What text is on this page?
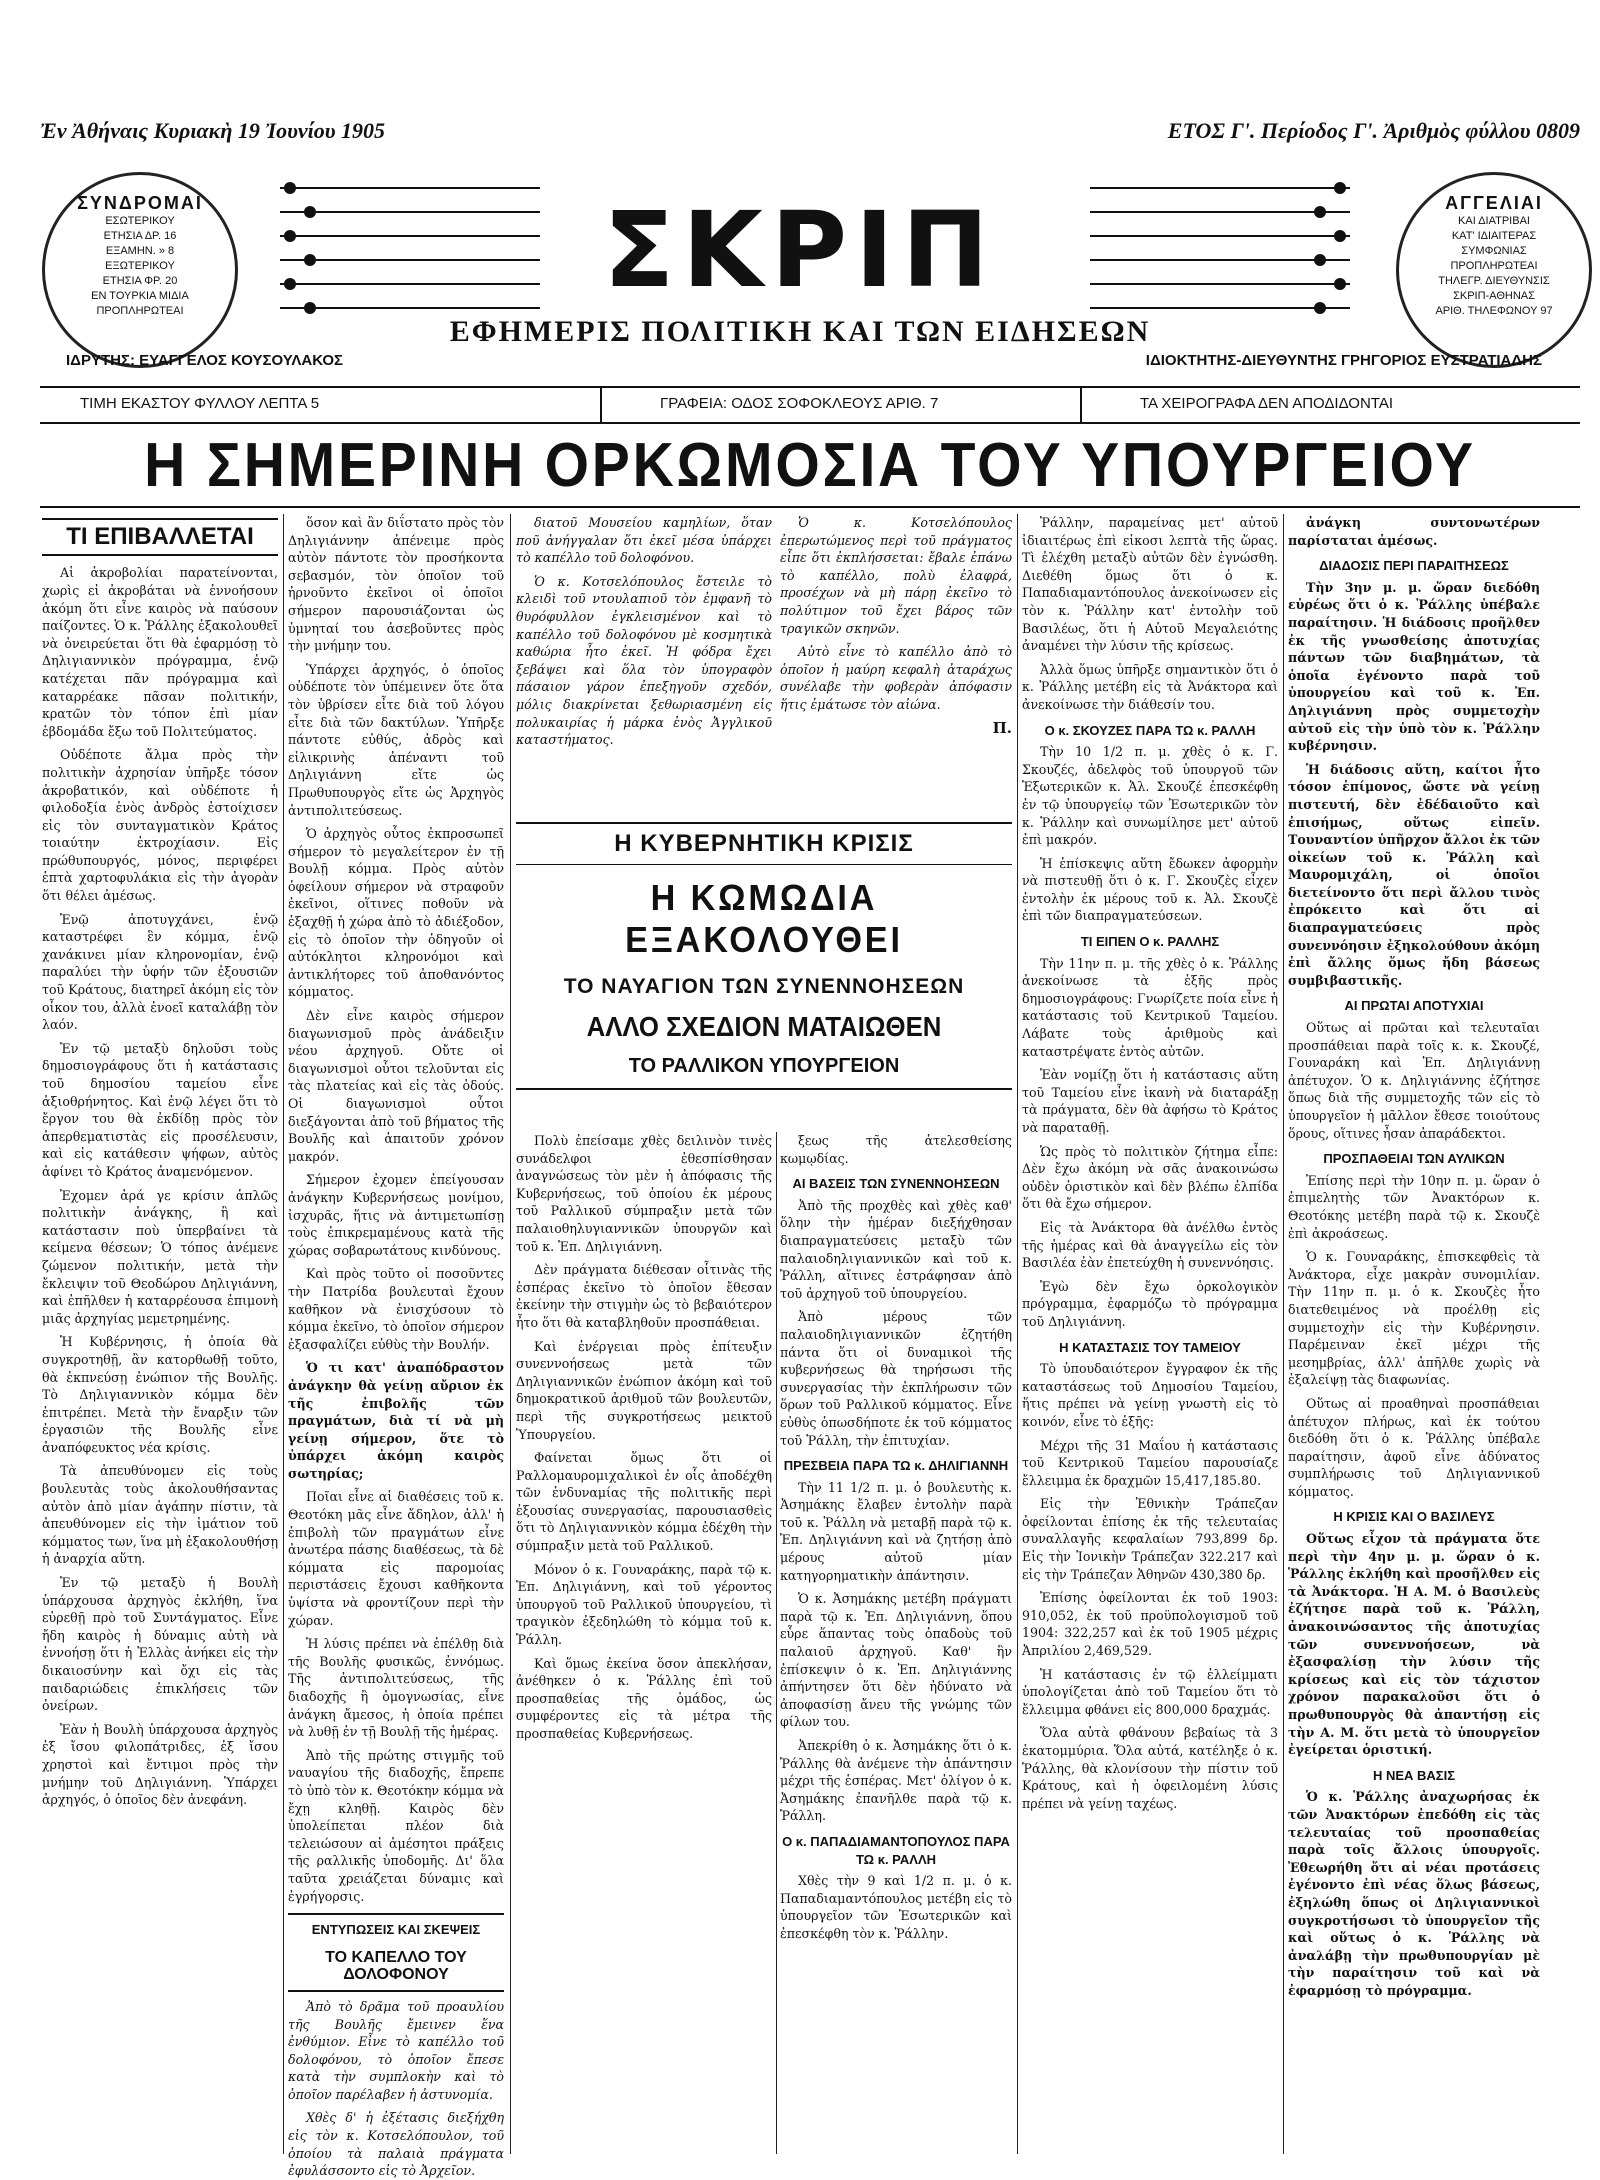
Ἐν Ἀθήναις Κυριακὴ 19 Ἰουνίου 1905	ΕΤΟΣ Γ'. Περίοδος Γ'. Ἀριθμὸς φύλλου 0809
ΣΥΝΔΡΟΜΑΙ
ΕΣΩΤΕΡΙΚΟΥ
ΕΤΗΣΙΑ ΔΡ. 16
ΕΞΑΜΗΝ. » 8
ΕΞΩΤΕΡΙΚΟΥ
ΕΤΗΣΙΑ ΦΡ. 20
ΕΝ ΤΟΥΡΚΙΑ ΜΙΔΙΑ
ΠΡΟΠΛΗΡΩΤΕΑΙ
ΑΓΓΕΛΙΑΙ
ΚΑΙ ΔΙΑΤΡΙΒΑΙ
ΚΑΤ' ΙΔΙΑΙΤΕΡΑΣ
ΣΥΜΦΩΝΙΑΣ
ΠΡΟΠΛΗΡΩΤΕΑΙ
ΤΗΛΕΓΡ. ΔΙΕΥΘΥΝΣΙΣ
ΣΚΡΙΠ-ΑΘΗΝΑΣ
ΑΡΙΘ. ΤΗΛΕΦΩΝΟΥ 97
ΣΚΡΙΠ
ΕΦΗΜΕΡΙΣ ΠΟΛΙΤΙΚΗ ΚΑΙ ΤΩΝ ΕΙΔΗΣΕΩΝ
ΙΔΡΥΤΗΣ: ΕΥΑΓΓΕΛΟΣ ΚΟΥΣΟΥΛΑΚΟΣ	ΙΔΙΟΚΤΗΤΗΣ-ΔΙΕΥΘΥΝΤΗΣ ΓΡΗΓΟΡΙΟΣ ΕΥΣΤΡΑΤΙΑΔΗΣ
ΤΙΜΗ ΕΚΑΣΤΟΥ ΦΥΛΛΟΥ ΛΕΠΤΑ 5	ΓΡΑΦΕΙΑ: ΟΔΟΣ ΣΟΦΟΚΛΕΟΥΣ ΑΡΙΘ. 7	ΤΑ ΧΕΙΡΟΓΡΑΦΑ ΔΕΝ ΑΠΟΔΙΔΟΝΤΑΙ
Η ΣΗΜΕΡΙΝΗ ΟΡΚΩΜΟΣΙΑ ΤΟΥ ΥΠΟΥΡΓΕΙΟΥ
ΤΙ ΕΠΙΒΑΛΛΕΤΑΙ

Αἱ ἀκροβολίαι παρατείνονται, χωρὶς εἰ ἀκροβάται νὰ ἐννοήσουν ἀκόμη ὅτι εἶνε καιρὸς νὰ παύσουν παίζοντες. Ὁ κ. Ῥάλλης ἐξακολουθεῖ νὰ ὀνειρεύεται ὅτι θὰ ἐφαρμόσῃ τὸ Δηλιγιαννικὸν πρόγραμμα, ἐνῷ κατέχεται πᾶν πρόγραμμα καὶ καταρρέακε πᾶσαν πολιτικήν, κρατῶν τὸν τόπον ἐπὶ μίαν ἑβδομάδα ἔξω τοῦ Πολιτεύματος.

Οὐδέποτε ἄλμα πρὸς τὴν πολιτικὴν ἀχρησίαν ὑπῆρξε τόσον ἀκροβατικόν, καὶ οὐδέποτε ἡ φιλοδοξία ἑνὸς ἀνδρὸς ἐστοίχισεν εἰς τὸν συνταγματικὸν Κράτος τοιαύτην ἐκτροχίασιν. Εἰς πρώθυπουργός, μόνος, περιφέρει ἑπτὰ χαρτοφυλάκια εἰς τὴν ἀγορὰν ὅτι θέλει ἀμέσως.

Ἐνῷ ἀποτυγχάνει, ἐνῷ καταστρέφει ἓν κόμμα, ἐνῷ χανάκινει μίαν κληρονομίαν, ἐνῷ παραλύει τὴν ὑφήν τῶν ἐξουσιῶν τοῦ Κράτους, διατηρεῖ ἀκόμη εἰς τὸν οἶκον του, ἀλλὰ ἐνοεῖ καταλάβῃ τὸν λαόν.

Ἐν τῷ μεταξὺ δηλοῦσι τοὺς δημοσιογράφους ὅτι ἡ κατάστασις τοῦ δημοσίου ταμείου εἶνε ἀξιοθρήνητος. Καὶ ἐνῷ λέγει ὅτι τὸ ἔργον του θὰ ἐκδίδῃ πρὸς τὸν ἀπερθεματιστὰς εἰς προσέλευσιν, καὶ εἰς κατάθεσιν ψήφων, αὐτὸς ἀφίνει τὸ Κράτος ἀναμενόμενον.

Ἐχομεν ἀρά γε κρίσιν ἁπλῶς πολιτικὴν ἀνάγκης, ἢ καὶ κατάστασιν ποὺ ὑπερβαίνει τὰ κείμενα θέσεων; Ὁ τόπος ἀνέμενε ζώμενον πολιτικήν, μετὰ τὴν ἔκλειψιν τοῦ Θεοδώρου Δηλιγιάννη, καὶ ἐπῆλθεν ἡ καταρρέουσα ἐπιμονὴ μιᾶς ἀρχηγίας μεμετρημένης.

Ἡ Κυβέρνησις, ἡ ὁποία θὰ συγκροτηθῇ, ἂν κατορθωθῇ τοῦτο, θὰ ἐκπνεύσῃ ἐνώπιον τῆς Βουλῆς. Τὸ Δηλιγιαννικὸν κόμμα δὲν ἐπιτρέπει. Μετὰ τὴν ἔναρξιν τῶν ἐργασιῶν τῆς Βουλῆς εἶνε ἀναπόφευκτος νέα κρίσις.

Τὰ ἀπευθύνομεν εἰς τοὺς βουλευτὰς τοὺς ἀκολουθήσαντας αὐτὸν ἀπὸ μίαν ἀγάπην πίστιν, τὰ ἀπευθύνομεν εἰς τὴν ἱμάτιον τοῦ κόμματος των, ἵνα μὴ ἐξακολουθήσῃ ἡ ἀναρχία αὕτη.

Ἐν τῷ μεταξὺ ἡ Βουλὴ ὑπάρχουσα ἀρχηγὸς ἐκλήθη, ἵνα εὐρεθῇ πρὸ τοῦ Συντάγματος. Εἶνε ἤδη καιρὸς ἡ δύναμις αὐτὴ νὰ ἐννοήσῃ ὅτι ἡ Ἑλλὰς ἀνήκει εἰς τὴν δικαιοσύνην καὶ ὄχι εἰς τὰς παιδαριώδεις ἐπικλήσεις τῶν ὀνείρων.

Ἐὰν ἡ Βουλὴ ὑπάρχουσα ἀρχηγὸς ἐξ ἴσου φιλοπάτριδες, ἐξ ἴσου χρηστοὶ καὶ ἔντιμοι πρὸς τὴν μνήμην τοῦ Δηλιγιάννη. Ὑπάρχει ἀρχηγός, ὁ ὁποῖος δὲν ἀνεφάνη.

ὅσον καὶ ἂν διΐστατο πρὸς τὸν Δηλιγιάννην ἀπένειμε πρὸς αὐτὸν πάντοτε τὸν προσήκοντα σεβασμόν, τὸν ὁποῖον τοῦ ἠρνοῦντο ἐκεῖνοι οἱ ὁποῖοι σήμερον παρουσιάζονται ὡς ὑμνηταί του ἀσεβοῦντες πρὸς τὴν μνήμην του.

Ὑπάρχει ἀρχηγός, ὁ ὁποῖος οὐδέποτε τὸν ὑπέμεινεν ὅτε ὅτα τὸν ὑβρίσεν εἶτε διὰ τοῦ λόγου εἶτε διὰ τῶν δακτύλων. Ὑπῆρξε πάντοτε εὐθύς, ἀδρὸς καὶ εἰλικρινὴς ἀπέναντι τοῦ Δηλιγιάννη εἴτε ὡς Πρωθυπουργὸς εἴτε ὡς Ἀρχηγὸς ἀντιπολιτεύσεως.

Ὁ ἀρχηγὸς οὗτος ἐκπροσωπεῖ σήμερον τὸ μεγαλείτερον ἐν τῇ Βουλῇ κόμμα. Πρὸς αὐτὸν ὀφείλουν σήμερον νὰ στραφοῦν ἐκεῖνοι, οἵτινες ποθοῦν νὰ ἐξαχθῇ ἡ χώρα ἀπὸ τὸ ἀδιέξοδον, εἰς τὸ ὁποῖον τὴν ὁδηγοῦν οἱ αὐτόκλητοι κληρονόμοι καὶ ἀντικλήτορες τοῦ ἀποθανόντος κόμματος.

Δὲν εἶνε καιρὸς σήμερον διαγωνισμοῦ πρὸς ἀνάδειξιν νέου ἀρχηγοῦ. Οὔτε οἱ διαγωνισμοὶ οὗτοι τελοῦνται εἰς τὰς πλατείας καὶ εἰς τὰς ὁδούς. Οἱ διαγωνισμοὶ οὗτοι διεξάγονται ἀπὸ τοῦ βήματος τῆς Βουλῆς καὶ ἀπαιτοῦν χρόνον μακρόν.

Σήμερον ἐχομεν ἐπείγουσαν ἀνάγκην Κυβερνήσεως μονίμου, ἰσχυρᾶς, ἥτις νὰ ἀντιμετωπίσῃ τοὺς ἐπικρεμαμένους κατὰ τῆς χώρας σοβαρωτάτους κινδύνους.

Καὶ πρὸς τοῦτο οἱ ποσοῦντες τὴν Πατρίδα βουλευταὶ ἔχουν καθῆκον νὰ ἐνισχύσουν τὸ κόμμα ἐκεῖνο, τὸ ὁποῖον σήμερον ἐξασφαλίζει εὐθὺς τὴν Βουλήν.

Ὁ τι κατ' ἀναπόδραστον ἀνάγκην θὰ γείνῃ αὔριον ἐκ τῆς ἐπιβολῆς τῶν πραγμάτων, διὰ τί νὰ μὴ γείνῃ σήμερον, ὅτε τὸ ὑπάρχει ἀκόμη καιρὸς σωτηρίας;

Ποῖαι εἶνε αἱ διαθέσεις τοῦ κ. Θεοτόκη μᾶς εἶνε ἄδηλον, ἀλλ' ἡ ἐπιβολὴ τῶν πραγμάτων εἶνε ἀνωτέρα πάσης διαθέσεως, τὰ δὲ κόμματα εἰς παρομοίας περιστάσεις ἔχουσι καθῆκοντα ὑψίστα νὰ φροντίζουν περὶ τὴν χώραν.

Ἡ λύσις πρέπει νὰ ἐπέλθῃ διὰ τῆς Βουλῆς φυσικῶς, ἐννόμως. Τῆς ἀντιπολιτεύσεως, τῆς διαδοχῆς ἢ ὁμογνωσίας, εἶνε ἀνάγκη ἄμεσος, ἡ ὁποία πρέπει νὰ λυθῇ ἐν τῇ Βουλῇ τῆς ἡμέρας.

Ἀπὸ τῆς πρώτης στιγμῆς τοῦ ναυαγίου τῆς διαδοχῆς, ἔπρεπε τὸ ὑπὸ τὸν κ. Θεοτόκην κόμμα νὰ ἔχῃ κληθῇ. Καιρὸς δὲν ὑπολείπεται πλέον διὰ τελειώσουν αἱ ἀμέσητοι πράξεις τῆς ραλλικῆς ὑποδομῆς. Δι' ὅλα ταῦτα χρειάζεται δύναμις καὶ ἐγρήγορσις.

ΕΝΤΥΠΩΣΕΙΣ ΚΑΙ ΣΚΕΨΕΙΣ
ΤΟ ΚΑΠΕΛΛΟ ΤΟΥ ΔΟΛΟΦΟΝΟΥ

Ἀπὸ τὸ δρᾶμα τοῦ προαυλίου τῆς Βουλῆς ἔμεινεν ἕνα ἐνθύμιον. Εἶνε τὸ καπέλλο τοῦ δολοφόνου, τὸ ὁποῖον ἔπεσε κατὰ τὴν συμπλοκὴν καὶ τὸ ὁποῖον παρέλαβεν ἡ ἀστυνομία.

Χθὲς δ' ἡ ἐξέτασις διεξήχθη εἰς τὸν κ. Κοτσελόπουλον, τοῦ ὁποίου τὰ παλαιὰ πράγματα ἐφυλάσσοντο εἰς τὸ Ἀρχεῖον.

διατοῦ Μουσείου καμηλίων, ὅταν ποῦ ἀνήγγαλαν ὅτι ἐκεῖ μέσα ὑπάρχει τὸ καπέλλο τοῦ δολοφόνου.

Ὁ κ. Κοτσελόπουλος ἔστειλε τὸ κλειδὶ τοῦ ντουλαπιοῦ τὸν ἐμφανῆ τὸ θυρόφυλλον ἐγκλεισμένον καὶ τὸ καπέλλο τοῦ δολοφόνου μὲ κοσμητικὰ καθώρια ἦτο ἐκεῖ. Ἡ φόδρα ἔχει ξεβάψει καὶ ὅλα τὸν ὑπογραφὸν πάσαιον γάρον ἐπεξηγοῦν σχεδόν, μόλις διακρίνεται ξεθωριασμένη εἰς πολυκαιρίας ἡ μάρκα ἑνὸς Ἀγγλικοῦ καταστήματος.

Ὁ κ. Κοτσελόπουλος ἐπερωτώμενος περὶ τοῦ πράγματος εἶπε ὅτι ἐκπλήσσεται: ἔβαλε ἐπάνω τὸ καπέλλο, πολὺ ἐλαφρά, προσέχων νὰ μὴ πάρῃ ἐκεῖνο τὸ πολύτιμον τοῦ ἔχει βάρος τῶν τραγικῶν σκηνῶν.

Αὐτὸ εἶνε τὸ καπέλλο ἀπὸ τὸ ὁποῖον ἡ μαύρη κεφαλὴ ἀταράχως συνέλαβε τὴν φοβερὰν ἀπόφασιν ἥτις ἐμάτωσε τὸν αἰώνα.

Π.
Η ΚΥΒΕΡΝΗΤΙΚΗ ΚΡΙΣΙΣ
Η ΚΩΜΩΔΙΑ ΕΞΑΚΟΛΟΥΘΕΙ
ΤΟ ΝΑΥΑΓΙΟΝ ΤΩΝ ΣΥΝΕΝΝΟΗΣΕΩΝ
ΑΛΛΟ ΣΧΕΔΙΟΝ ΜΑΤΑΙΩΘΕΝ
ΤΟ ΡΑΛΛΙΚΟΝ ΥΠΟΥΡΓΕΙΟΝ

Πολὺ ἐπείσαμε χθὲς δειλινὸν τινὲς συνάδελφοι ἐθεσπίσθησαν ἀναγνώσεως τὸν μὲν ἡ ἀπόφασις τῆς Κυβερνήσεως, τοῦ ὁποίου ἐκ μέρους τοῦ Ραλλικοῦ σύμπραξιν μετὰ τῶν παλαιοθηλυγιαννικῶν ὑπουργῶν καὶ τοῦ κ. Ἐπ. Δηλιγιάννη.

Δὲν πράγματα διέθεσαν οἷτινὰς τῆς ἑσπέρας ἐκεῖνο τὸ ὁποῖον ἔθεσαν ἐκείνην τὴν στιγμὴν ὡς τὸ βεβαιότερον ἦτο ὅτι θὰ καταβληθοῦν προσπάθειαι.

Καὶ ἐνέργειαι πρὸς ἐπίτευξιν συνεννοήσεως μετὰ τῶν Δηλιγιαννικῶν ἐνώπιον ἀκόμη καὶ τοῦ δημοκρατικοῦ ἀριθμοῦ τῶν βουλευτῶν, περὶ τῆς συγκροτήσεως μεικτοῦ Ὑπουργείου.

Φαίνεται ὅμως ὅτι οἱ Ραλλομαυρομιχαλικοὶ ἐν οἷς ἀποδέχθη τῶν ἐνδυναμίας τῆς πολιτικῆς περὶ ἐξουσίας συνεργασίας, παρουσιασθεὶς ὅτι τὸ Δηλιγιαννικὸν κόμμα ἐδέχθη τὴν σύμπραξιν μετὰ τοῦ Ραλλικοῦ.

Μόνον ὁ κ. Γουναράκης, παρὰ τῷ κ. Ἐπ. Δηλιγιάννη, καὶ τοῦ γέροντος ὑπουργοῦ τοῦ Ραλλικοῦ ὑπουργείου, τὶ τραγικὸν ἐξεδηλώθη τὸ κόμμα τοῦ κ. Ῥάλλη.

Καὶ ὅμως ἐκείνα ὅσον ἀπεκλήσαν, ἀνέθηκεν ὁ κ. Ῥάλλης ἐπὶ τοῦ προσπαθείας τῆς ὁμάδος, ὡς συμφέροντες εἰς τὰ μέτρα τῆς προσπαθείας Κυβερνήσεως.

ξεως τῆς ἀτελεσθείσης κωμῳδίας.

ΑΙ ΒΑΣΕΙΣ ΤΩΝ ΣΥΝΕΝΝΟΗΣΕΩΝ

Ἀπὸ τῆς προχθὲς καὶ χθὲς καθ' ὅλην τὴν ἡμέραν διεξήχθησαν διαπραγματεύσεις μεταξὺ τῶν παλαιοδηλιγιαννικῶν καὶ τοῦ κ. Ῥάλλη, αἵτινες ἐστράφησαν ἀπὸ τοῦ ἀρχηγοῦ τοῦ ὑπουργείου.

Ἀπὸ μέρους τῶν παλαιοδηλιγιαννικῶν ἐζητήθη πάντα ὅτι οἱ δυναμικοὶ τῆς κυβερνήσεως θὰ τηρήσωσι τῆς συνεργασίας τὴν ἐκπλήρωσιν τῶν ὅρων τοῦ Ραλλικοῦ κόμματος. Εἶνε εὐθὺς ὁπωσδήποτε ἐκ τοῦ κόμματος τοῦ Ῥάλλη, τὴν ἐπιτυχίαν.

ΠΡΕΣΒΕΙΑ ΠΑΡΑ ΤΩ κ. ΔΗΛΙΓΙΑΝΝΗ

Τὴν 11 1/2 π. μ. ὁ βουλευτὴς κ. Ἀσημάκης ἔλαβεν ἐντολὴν παρὰ τοῦ κ. Ῥάλλη νὰ μεταβῇ παρὰ τῷ κ. Ἐπ. Δηλιγιάννη καὶ νὰ ζητήσῃ ἀπὸ μέρους αὐτοῦ μίαν κατηγορηματικὴν ἀπάντησιν.

Ὁ κ. Ἀσημάκης μετέβη πράγματι παρὰ τῷ κ. Ἐπ. Δηλιγιάννη, ὅπου εὗρε ἅπαντας τοὺς ὀπαδοὺς τοῦ παλαιοῦ ἀρχηγοῦ. Καθ' ἣν ἐπίσκεψιν ὁ κ. Ἐπ. Δηλιγιάννης ἀπήντησεν ὅτι δὲν ἠδύνατο νὰ ἀποφασίσῃ ἄνευ τῆς γνώμης τῶν φίλων του.

Ἀπεκρίθη ὁ κ. Ἀσημάκης ὅτι ὁ κ. Ῥάλλης θὰ ἀνέμενε τὴν ἀπάντησιν μέχρι τῆς ἑσπέρας. Μετ' ὀλίγον ὁ κ. Ἀσημάκης ἐπανῆλθε παρὰ τῷ κ. Ῥάλλη.

Ο κ. ΠΑΠΑΔΙΑΜΑΝΤΟΠΟΥΛΟΣ ΠΑΡΑ ΤΩ κ. ΡΑΛΛΗ

Χθὲς τὴν 9 καὶ 1/2 π. μ. ὁ κ. Παπαδιαμαντόπουλος μετέβη εἰς τὸ ὑπουργεῖον τῶν Ἐσωτερικῶν καὶ ἐπεσκέφθη τὸν κ. Ῥάλλην.

Ῥάλλην, παραμείνας μετ' αὐτοῦ ἰδιαιτέρως ἐπὶ εἰκοσι λεπτὰ τῆς ὥρας. Τὶ ἐλέχθη μεταξὺ αὐτῶν δὲν ἐγνώσθη. Διεθέθη ὅμως ὅτι ὁ κ. Παπαδιαμαντόπουλος ἀνεκοίνωσεν εἰς τὸν κ. Ῥάλλην κατ' ἐντολὴν τοῦ Βασιλέως, ὅτι ἡ Αὐτοῦ Μεγαλειότης ἀναμένει τὴν λύσιν τῆς κρίσεως.

Ἀλλὰ ὅμως ὑπῆρξε σημαντικὸν ὅτι ὁ κ. Ῥάλλης μετέβη εἰς τὰ Ἀνάκτορα καὶ ἀνεκοίνωσε τὴν διάθεσίν του.

Ο κ. ΣΚΟΥΖΕΣ ΠΑΡΑ ΤΩ κ. ΡΑΛΛΗ

Τὴν 10 1/2 π. μ. χθὲς ὁ κ. Γ. Σκουζές, ἀδελφὸς τοῦ ὑπουργοῦ τῶν Ἐξωτερικῶν κ. Ἀλ. Σκουζέ ἐπεσκέφθη ἐν τῷ ὑπουργείῳ τῶν Ἐσωτερικῶν τὸν κ. Ῥάλλην καὶ συνωμίλησε μετ' αὐτοῦ ἐπὶ μακρόν.

Ἡ ἐπίσκεψις αὕτη ἔδωκεν ἀφορμὴν νὰ πιστευθῇ ὅτι ὁ κ. Γ. Σκουζὲς εἶχεν ἐντολὴν ἐκ μέρους τοῦ κ. Ἀλ. Σκουζὲ ἐπὶ τῶν διαπραγματεύσεων.

ΤΙ ΕΙΠΕΝ Ο κ. ΡΑΛΛΗΣ

Τὴν 11ην π. μ. τῆς χθὲς ὁ κ. Ῥάλλης ἀνεκοίνωσε τὰ ἑξῆς πρὸς δημοσιογράφους: Γνωρίζετε ποία εἶνε ἡ κατάστασις τοῦ Κεντρικοῦ Ταμείου. Λάβατε τοὺς ἀριθμοὺς καὶ καταστρέψατε ἐντὸς αὐτῶν.

Ἐὰν νομίζῃ ὅτι ἡ κατάστασις αὕτη τοῦ Ταμείου εἶνε ἱκανὴ νὰ διαταράξῃ τὰ πράγματα, δὲν θὰ ἀφήσω τὸ Κράτος νὰ παραταθῇ.

Ὡς πρὸς τὸ πολιτικὸν ζήτημα εἶπε: Δὲν ἔχω ἀκόμη νὰ σᾶς ἀνακοινώσω οὐδὲν ὁριστικὸν καὶ δὲν βλέπω ἐλπίδα ὅτι θὰ ἔχω σήμερον.

Εἰς τὰ Ἀνάκτορα θὰ ἀνέλθω ἐντὸς τῆς ἡμέρας καὶ θὰ ἀναγγείλω εἰς τὸν Βασιλέα ἐὰν ἐπετεύχθη ἡ συνεννόησις.

Ἐγὼ δὲν ἔχω ὁρκολογικὸν πρόγραμμα, ἐφαρμόζω τὸ πρόγραμμα τοῦ Δηλιγιάννη.

Η ΚΑΤΑΣΤΑΣΙΣ ΤΟΥ ΤΑΜΕΙΟΥ

Τὸ ὑπουδαιότερον ἔγγραφον ἐκ τῆς καταστάσεως τοῦ Δημοσίου Ταμείου, ἥτις πρέπει νὰ γείνῃ γνωστὴ εἰς τὸ κοινόν, εἶνε τὸ ἑξῆς:

Μέχρι τῆς 31 Μαΐου ἡ κατάστασις τοῦ Κεντρικοῦ Ταμείου παρουσίαζε ἔλλειμμα ἐκ δραχμῶν 15,417,185.80.

Εἰς τὴν Ἐθνικὴν Τράπεζαν ὀφείλονται ἐπίσης ἐκ τῆς τελευταίας συναλλαγῆς κεφαλαίων 793,899 δρ. Εἰς τὴν Ἰονικὴν Τράπεζαν 322.217 καὶ εἰς τὴν Τράπεζαν Ἀθηνῶν 430,380 δρ.

Ἐπίσης ὀφείλονται ἐκ τοῦ 1903: 910,052, ἐκ τοῦ προϋπολογισμοῦ τοῦ 1904: 322,257 καὶ ἐκ τοῦ 1905 μέχρις Ἀπριλίου 2,469,529.

Ἡ κατάστασις ἐν τῷ ἐλλείμματι ὑπολογίζεται ἀπὸ τοῦ Ταμείου ὅτι τὸ ἔλλειμμα φθάνει εἰς 800,000 δραχμάς.

Ὅλα αὐτὰ φθάνουν βεβαίως τὰ 3 ἑκατομμύρια. Ὅλα αὐτά, κατέληξε ὁ κ. Ῥάλλης, θὰ κλονίσουν τὴν πίστιν τοῦ Κράτους, καὶ ἡ ὀφειλομένη λύσις πρέπει νὰ γείνῃ ταχέως.

ἀνάγκη συντονωτέρων παρίσταται ἀμέσως.

ΔΙΑΔΟΣΙΣ ΠΕΡΙ ΠΑΡΑΙΤΗΣΕΩΣ

Τὴν 3ην μ. μ. ὥραν διεδόθη εὐρέως ὅτι ὁ κ. Ῥάλλης ὑπέβαλε παραίτησιν. Ἡ διάδοσις προῆλθεν ἐκ τῆς γνωσθείσης ἀποτυχίας πάντων τῶν διαβημάτων, τὰ ὁποῖα ἐγένοντο παρὰ τοῦ ὑπουργείου καὶ τοῦ κ. Ἐπ. Δηλιγιάννη πρὸς συμμετοχὴν αὐτοῦ εἰς τὴν ὑπὸ τὸν κ. Ῥάλλην κυβέρνησιν.

Ἡ διάδοσις αὕτη, καίτοι ἦτο τόσον ἐπίμονος, ὥστε νὰ γείνῃ πιστευτή, δὲν ἐδέδαιοῦτο καὶ ἐπισήμως, οὕτως εἰπεῖν. Τουναντίον ὑπῆρχον ἄλλοι ἐκ τῶν οἰκείων τοῦ κ. Ῥάλλη καὶ Μαυρομιχάλη, οἱ ὁποῖοι διετείνοντο ὅτι περὶ ἄλλου τινὸς ἐπρόκειτο καὶ ὅτι αἱ διαπραγματεύσεις πρὸς συνεννόησιν ἐξηκολούθουν ἀκόμη ἐπὶ ἄλλης ὅμως ἤδη βάσεως συμβιβαστικῆς.

ΑΙ ΠΡΩΤΑΙ ΑΠΟΤΥΧΙΑΙ

Οὕτως αἱ πρῶται καὶ τελευταῖαι προσπάθειαι παρὰ τοῖς κ. κ. Σκουζέ, Γουναράκη καὶ Ἐπ. Δηλιγιάννῃ ἀπέτυχον. Ὁ κ. Δηλιγιάννης ἐζήτησε ὅπως διὰ τῆς συμμετοχῆς τῶν εἰς τὸ ὑπουργεῖον ἡ μᾶλλον ἔθεσε τοιούτους ὅρους, οἵτινες ἦσαν ἀπαράδεκτοι.

ΠΡΟΣΠΑΘΕΙΑΙ ΤΩΝ ΑΥΛΙΚΩΝ

Ἐπίσης περὶ τὴν 10ην π. μ. ὥραν ὁ ἐπιμελητὴς τῶν Ἀνακτόρων κ. Θεοτόκης μετέβη παρὰ τῷ κ. Σκουζὲ ἐπὶ ἀκροάσεως.

Ὁ κ. Γουναράκης, ἐπισκεφθεὶς τὰ Ἀνάκτορα, εἶχε μακρὰν συνομιλίαν. Τὴν 11ην π. μ. ὁ κ. Σκουζὲς ἦτο διατεθειμένος νὰ προέλθῃ εἰς συμμετοχὴν εἰς τὴν Κυβέρνησιν. Παρέμειναν ἐκεῖ μέχρι τῆς μεσημβρίας, ἀλλ' ἀπῆλθε χωρὶς νὰ ἐξαλείψῃ τὰς διαφωνίας.

Οὕτως αἱ προαθηναὶ προσπάθειαι ἀπέτυχον πλήρως, καὶ ἐκ τούτου διεδόθη ὅτι ὁ κ. Ῥάλλης ὑπέβαλε παραίτησιν, ἀφοῦ εἶνε ἀδύνατος συμπλήρωσις τοῦ Δηλιγιαννικοῦ κόμματος.

Η ΚΡΙΣΙΣ ΚΑΙ Ο ΒΑΣΙΛΕΥΣ

Οὕτως εἶχον τὰ πράγματα ὅτε περὶ τὴν 4ην μ. μ. ὥραν ὁ κ. Ῥάλλης ἐκλήθη καὶ προσῆλθεν εἰς τὰ Ἀνάκτορα. Ἡ Α. Μ. ὁ Βασιλεὺς ἐζήτησε παρὰ τοῦ κ. Ῥάλλη, ἀνακοινώσαντος τῆς ἀποτυχίας τῶν συνεννοήσεων, νὰ ἐξασφαλίσῃ τὴν λύσιν τῆς κρίσεως καὶ εἰς τὸν τάχιστον χρόνον παρακαλοῦσι ὅτι ὁ πρωθυπουργὸς θὰ ἀπαντήσῃ εἰς τὴν Α. Μ. ὅτι μετὰ τὸ ὑπουργεῖον ἐγείρεται ὁριστική.

Η ΝΕΑ ΒΑΣΙΣ

Ὁ κ. Ῥάλλης ἀναχωρήσας ἐκ τῶν Ἀνακτόρων ἐπεδόθη εἰς τὰς τελευταίας τοῦ προσπαθείας παρὰ τοῖς ἄλλοις ὑπουργοῖς. Ἐθεωρήθη ὅτι αἱ νέαι προτάσεις ἐγένοντο ἐπὶ νέας ὅλως βάσεως, ἐξηλώθη ὅπως οἱ Δηλιγιαννικοὶ συγκροτήσωσι τὸ ὑπουργεῖον τῆς καὶ οὕτως ὁ κ. Ῥάλλης νὰ ἀναλάβῃ τὴν πρωθυπουργίαν μὲ τὴν παραίτησιν τοῦ καὶ νὰ ἐφαρμόσῃ τὸ πρόγραμμα.
